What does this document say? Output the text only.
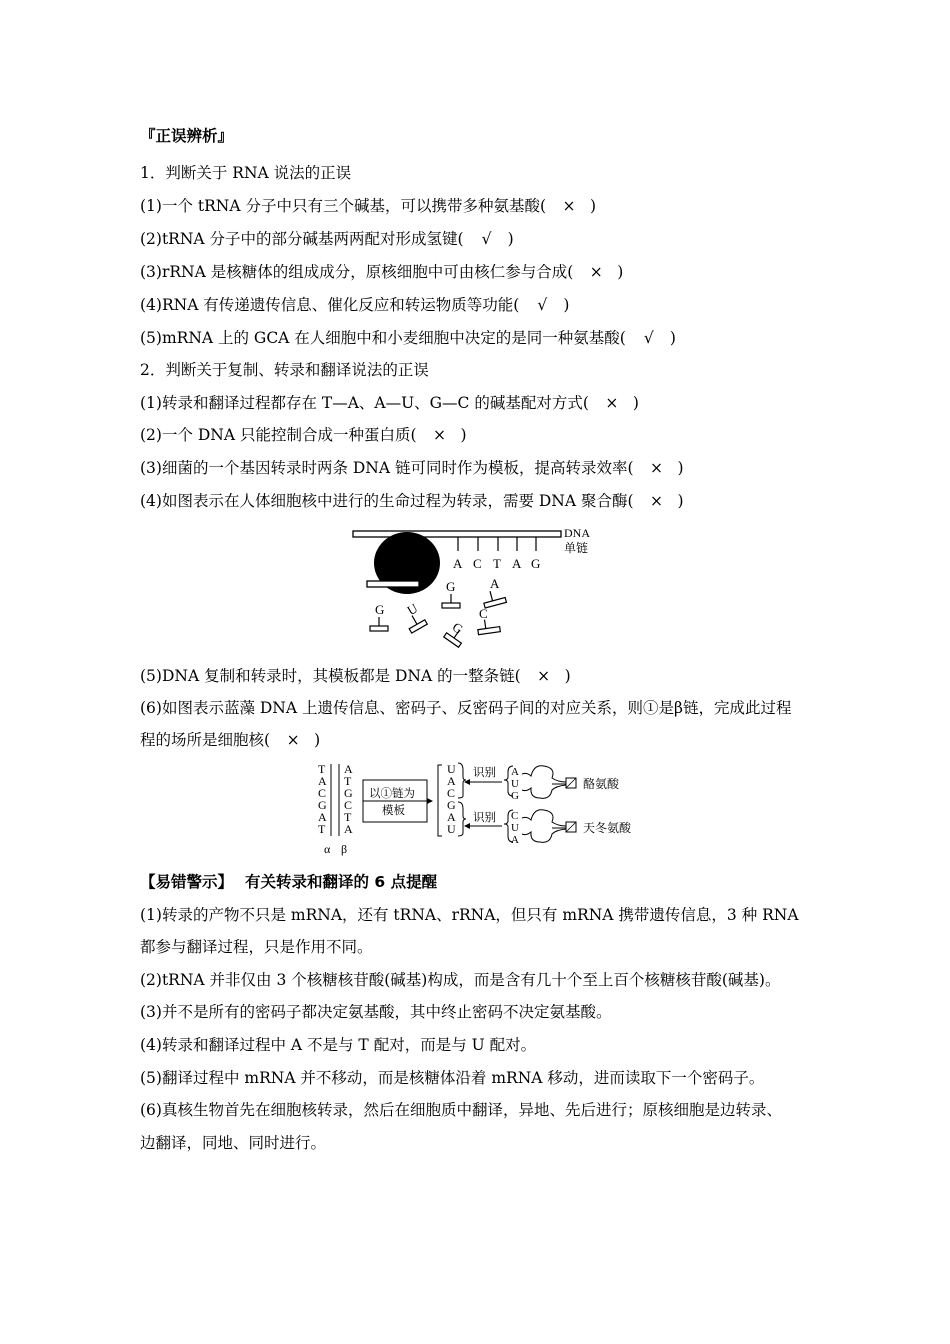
『正误辨析』
1．判断关于 RNA 说法的正误
(1)一个 tRNA 分子中只有三个碱基，可以携带多种氨基酸( × )
(2)tRNA 分子中的部分碱基两两配对形成氢键( √ )
(3)rRNA 是核糖体的组成成分，原核细胞中可由核仁参与合成( × )
(4)RNA 有传递遗传信息、催化反应和转运物质等功能( √ )
(5)mRNA 上的 GCA 在人细胞中和小麦细胞中决定的是同一种氨基酸( √ )
2．判断关于复制、转录和翻译说法的正误
(1)转录和翻译过程都存在 T—A、A—U、G—C 的碱基配对方式( × )
(2)一个 DNA 只能控制合成一种蛋白质( × )
(3)细菌的一个基因转录时两条 DNA 链可同时作为模板，提高转录效率( × )
(4)如图表示在人体细胞核中进行的生命过程为转录，需要 DNA 聚合酶( × )
DNA
单链
A C T A G
G U
G	A
C
G
(5)DNA 复制和转录时，其模板都是 DNA 的一整条链( × )
(6)如图表示蓝藻 DNA 上遗传信息、密码子、反密码子间的对应关系，则①是β链，完成此过程
程的场所是细胞核( × )
T
A
C
G
A
T
A
T
G
C
T
A
α β
以①链为
模板
U
A
C
G
A
U
识别
识别
A
U
G
酪氨酸
C
U
A
天冬氨酸
【易错警示】 有关转录和翻译的 6 点提醒
(1)转录的产物不只是 mRNA，还有 tRNA、rRNA，但只有 mRNA 携带遗传信息，3 种 RNA
都参与翻译过程，只是作用不同。
(2)tRNA 并非仅由 3 个核糖核苷酸(碱基)构成，而是含有几十个至上百个核糖核苷酸(碱基)。
(3)并不是所有的密码子都决定氨基酸，其中终止密码不决定氨基酸。
(4)转录和翻译过程中 A 不是与 T 配对，而是与 U 配对。
(5)翻译过程中 mRNA 并不移动，而是核糖体沿着 mRNA 移动，进而读取下一个密码子。
(6)真核生物首先在细胞核转录，然后在细胞质中翻译，异地、先后进行；原核细胞是边转录、
边翻译，同地、同时进行。
